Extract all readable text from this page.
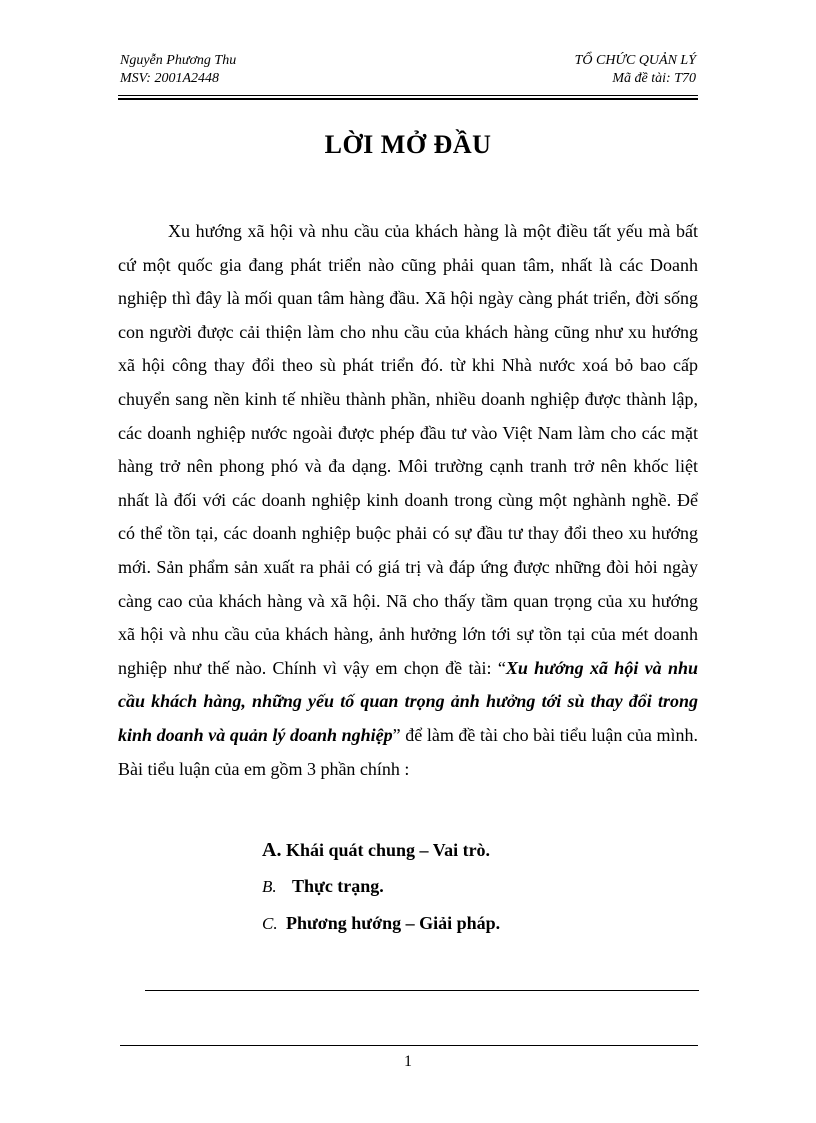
Nguyễn Phương Thu
MSV: 2001A2448
TỔ CHỨC QUẢN LÝ
Mã đề tài: T70
LỜI MỞ ĐẦU

Xu hướng xã hội và nhu cầu của khách hàng là một điều tất yếu mà bất cứ một quốc gia đang phát triển nào cũng phải quan tâm, nhất là các Doanh nghiệp thì đây là mối quan tâm hàng đầu. Xã hội ngày càng phát triển, đời sống con người được cải thiện làm cho nhu cầu của khách hàng cũng như xu hướng xã hội công thay đổi theo sù phát triển đó. từ khi Nhà nước xoá bỏ bao cấp chuyển sang nền kinh tế nhiều thành phần, nhiều doanh nghiệp được thành lập, các doanh nghiệp nước ngoài được phép đầu tư vào Việt Nam làm cho các mặt hàng trở nên phong phó và đa dạng. Môi trường cạnh tranh trở nên khốc liệt nhất là đối với các doanh nghiệp kinh doanh trong cùng một nghành nghề. Để có thể tồn tại, các doanh nghiệp buộc phải có sự đầu tư thay đổi theo xu hướng mới. Sản phẩm sản xuất ra phải có giá trị và đáp ứng được những đòi hỏi ngày càng cao của khách hàng và xã hội. Nã cho thấy tầm quan trọng của xu hướng xã hội và nhu cầu của khách hàng, ảnh hưởng lớn tới sự tồn tại của mét doanh nghiệp như thế nào. Chính vì vậy em chọn đề tài: “Xu hướng xã hội và nhu cầu khách hàng, những yếu tố quan trọng ảnh hưởng tới sù thay đổi trong kinh doanh và quản lý doanh nghiệp” để làm đề tài cho bài tiểu luận của mình. Bài tiểu luận của em gồm 3 phần chính :

A. Khái quát chung – Vai trò.
B. Thực trạng.
C. Phương hướng – Giải pháp.
1
